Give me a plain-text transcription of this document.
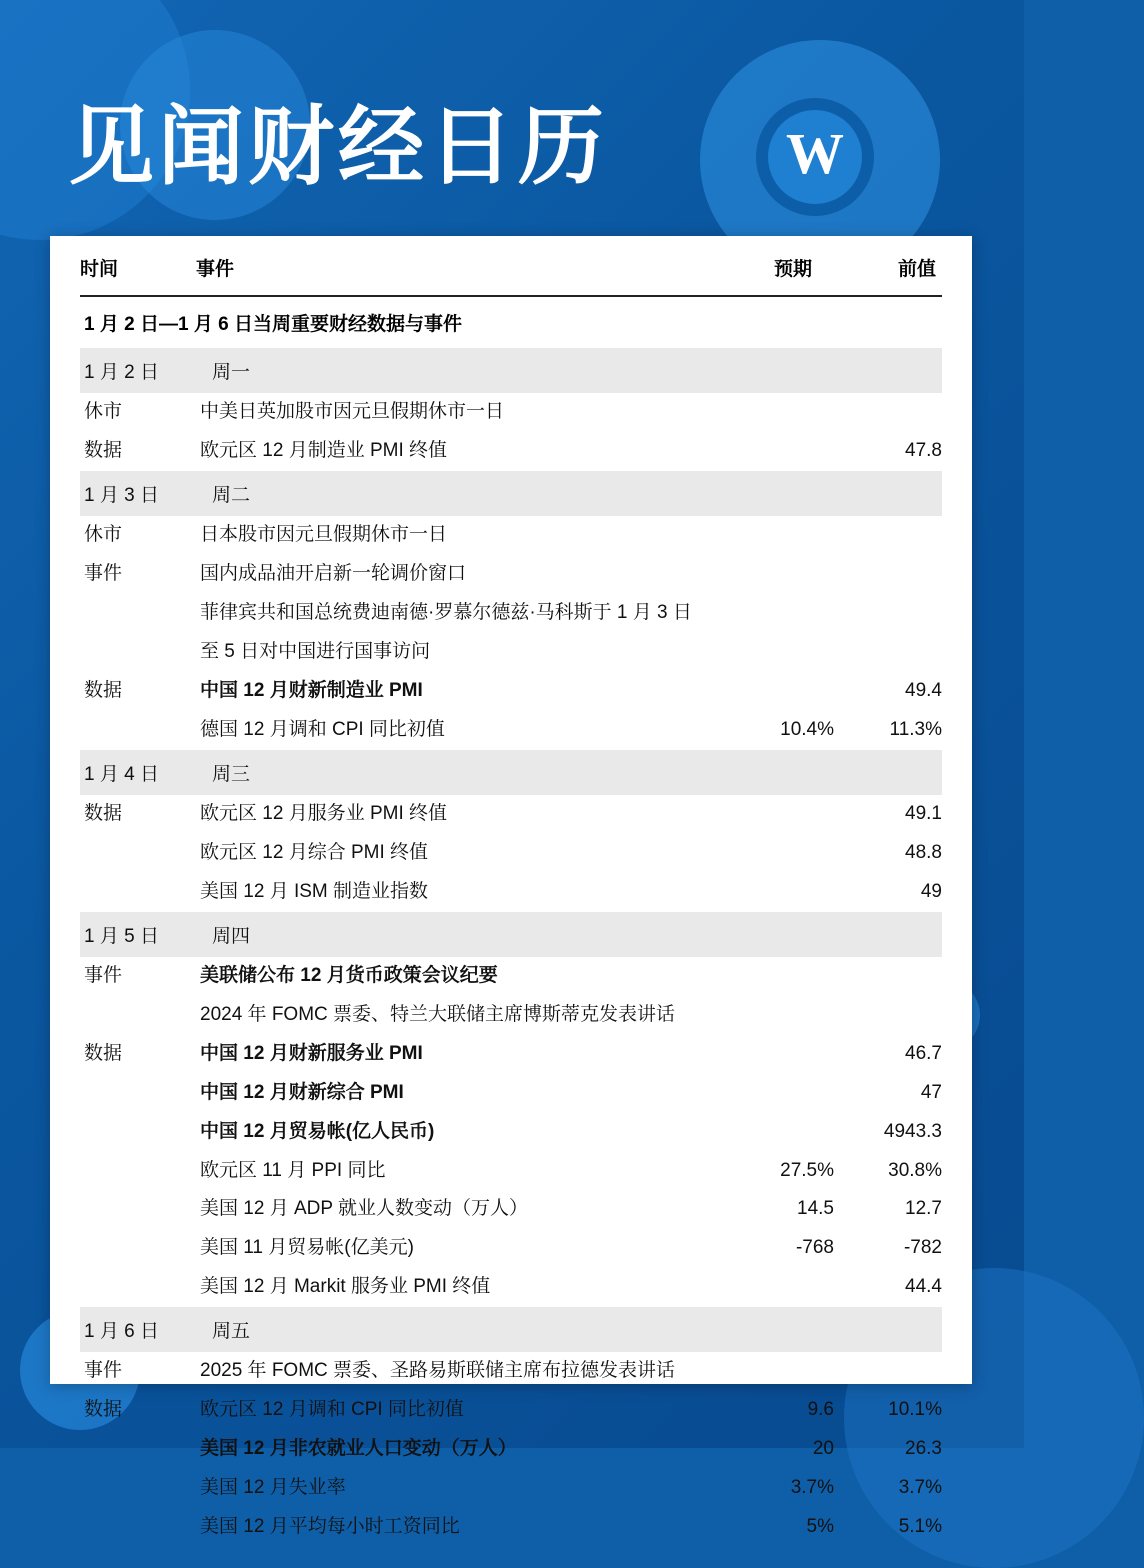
见闻财经日历	W
时间	事件	预期	前值
1 月 2 日—1 月 6 日当周重要财经数据与事件			
1 月 2 日	周一		
休市	中美日英加股市因元旦假期休市一日		
数据	欧元区 12 月制造业 PMI 终值		47.8
1 月 3 日	周二		
休市	日本股市因元旦假期休市一日		
事件	国内成品油开启新一轮调价窗口		
	菲律宾共和国总统费迪南德·罗慕尔德兹·马科斯于 1 月 3 日		
	至 5 日对中国进行国事访问		
数据	中国 12 月财新制造业 PMI		49.4
	德国 12 月调和 CPI 同比初值	10.4%	11.3%
1 月 4 日	周三		
数据	欧元区 12 月服务业 PMI 终值		49.1
	欧元区 12 月综合 PMI 终值		48.8
	美国 12 月 ISM 制造业指数		49
1 月 5 日	周四		
事件	美联储公布 12 月货币政策会议纪要		
	2024 年 FOMC 票委、特兰大联储主席博斯蒂克发表讲话		
数据	中国 12 月财新服务业 PMI		46.7
	中国 12 月财新综合 PMI		47
	中国 12 月贸易帐(亿人民币)		4943.3
	欧元区 11 月 PPI 同比	27.5%	30.8%
	美国 12 月 ADP 就业人数变动（万人）	14.5	12.7
	美国 11 月贸易帐(亿美元)	-768	-782
	美国 12 月 Markit 服务业 PMI 终值		44.4
1 月 6 日	周五		
事件	2025 年 FOMC 票委、圣路易斯联储主席布拉德发表讲话		
数据	欧元区 12 月调和 CPI 同比初值	9.6	10.1%
	美国 12 月非农就业人口变动（万人）	20	26.3
	美国 12 月失业率	3.7%	3.7%
	美国 12 月平均每小时工资同比	5%	5.1%
